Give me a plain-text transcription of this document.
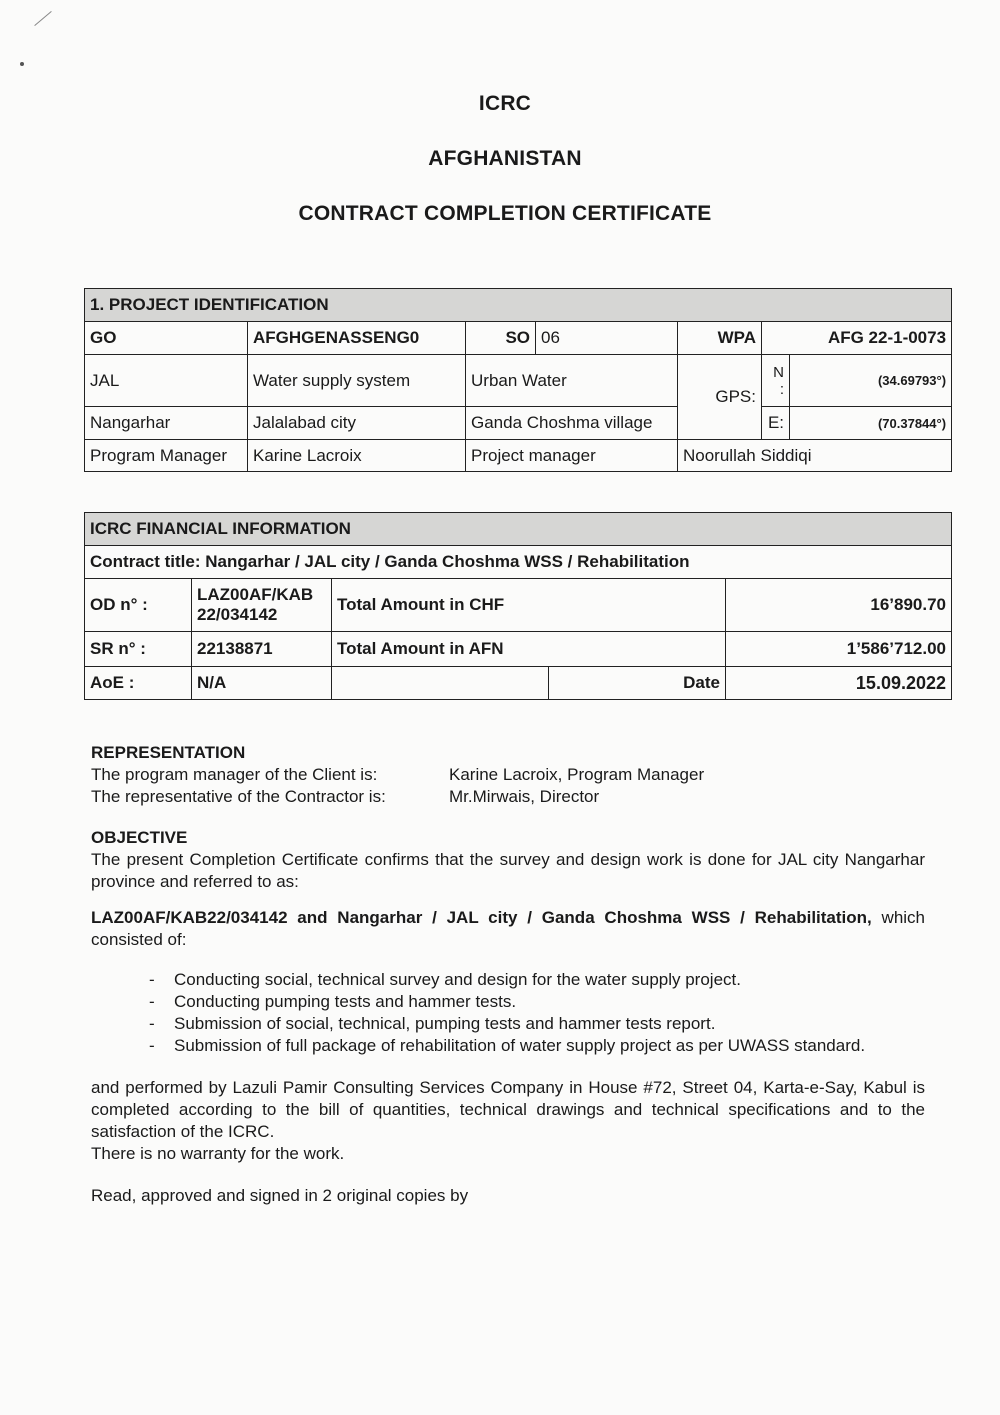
ICRC
AFGHANISTAN
CONTRACT COMPLETION CERTIFICATE
1. PROJECT IDENTIFICATION						
GO	AFGHGENASSENG0	SO	06	WPA	AFG 22-1-0073	
JAL	Water supply system	Urban Water		GPS:	N :	(34.69793°)
Nangarhar	Jalalabad city	Ganda Choshma village			E:	(70.37844°)
Program Manager	Karine Lacroix	Project manager		Noorullah Siddiqi		
ICRC FINANCIAL INFORMATION				
Contract title: Nangarhar / JAL city / Ganda Choshma WSS / Rehabilitation				
OD n° :	LAZ00AF/KAB 22/034142	Total Amount in CHF		16’890.70
SR n° :	22138871	Total Amount in AFN		1’586’712.00
AoE :	N/A		Date	15.09.2022
REPRESENTATION
The program manager of the Client is:	Karine Lacroix, Program Manager
The representative of the Contractor is:	Mr.Mirwais, Director
OBJECTIVE
The present Completion Certificate confirms that the survey and design work is done for JAL city Nangarhar province and referred to as:
LAZ00AF/KAB22/034142 and Nangarhar / JAL city / Ganda Choshma WSS / Rehabilitation, which consisted of:
- Conducting social, technical survey and design for the water supply project.
- Conducting pumping tests and hammer tests.
- Submission of social, technical, pumping tests and hammer tests report.
- Submission of full package of rehabilitation of water supply project as per UWASS standard.
and performed by Lazuli Pamir Consulting Services Company in House #72, Street 04, Karta-e-Say, Kabul is completed according to the bill of quantities, technical drawings and technical specifications and to the satisfaction of the ICRC.
There is no warranty for the work.
Read, approved and signed in 2 original copies by
